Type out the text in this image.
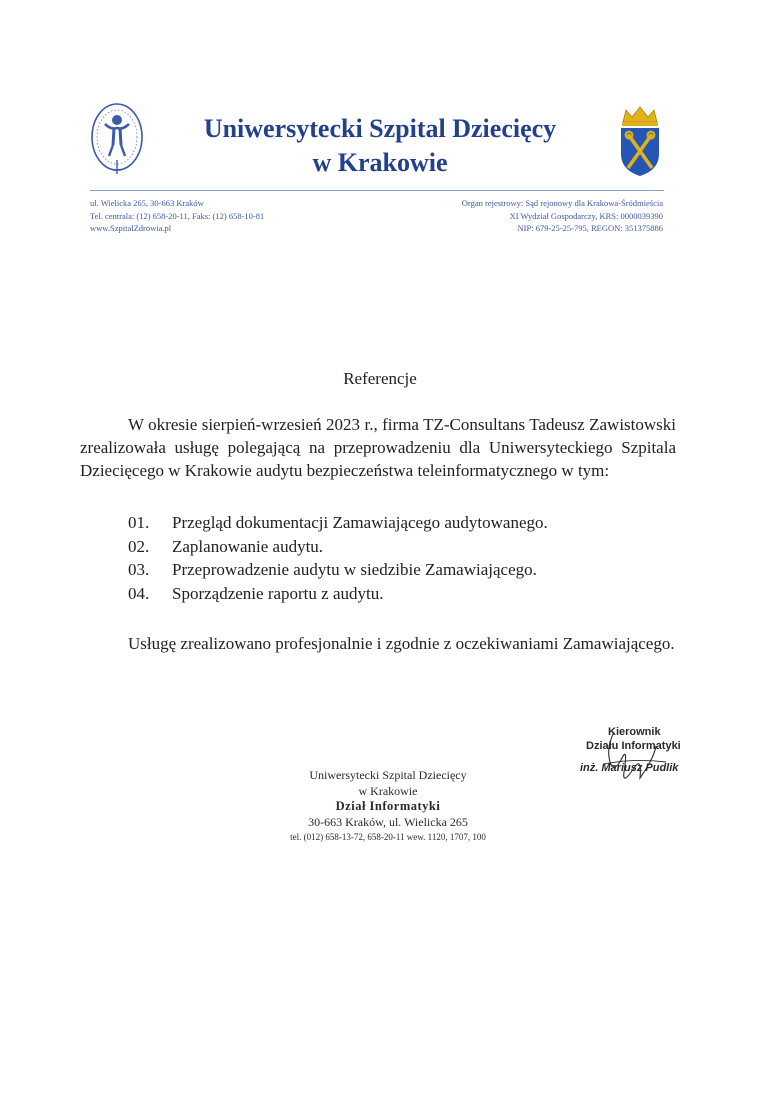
Uniwersytecki Szpital Dziecięcy
w Krakowie
ul. Wielicka 265, 30-663 Kraków
Tel. centrala: (12) 658-20-11, Faks: (12) 658-10-81
www.SzpitalZdrowia.pl
Organ rejestrowy: Sąd rejonowy dla Krakowa-Śródmieścia
XI Wydział Gospodarczy, KRS: 0000039390
NIP: 679-25-25-795, REGON: 351375886
Referencje
W okresie sierpień-wrzesień 2023 r., firma TZ-Consultans Tadeusz Zawistowski zrealizowała usługę polegającą na przeprowadzeniu dla Uniwersyteckiego Szpitala Dziecięcego w Krakowie audytu bezpieczeństwa teleinformatycznego w tym:
01.	Przegląd dokumentacji Zamawiającego audytowanego.
02.	Zaplanowanie audytu.
03.	Przeprowadzenie audytu w siedzibie Zamawiającego.
04.	Sporządzenie raportu z audytu.
Usługę zrealizowano profesjonalnie i zgodnie z oczekiwaniami Zamawiającego.
Uniwersytecki Szpital Dziecięcy
w Krakowie
Dział Informatyki
30-663 Kraków, ul. Wielicka 265
tel. (012) 658-13-72, 658-20-11 wew. 1120, 1707, 100
Kierownik
Działu Informatyki
inż. Mariusz Pudlik
